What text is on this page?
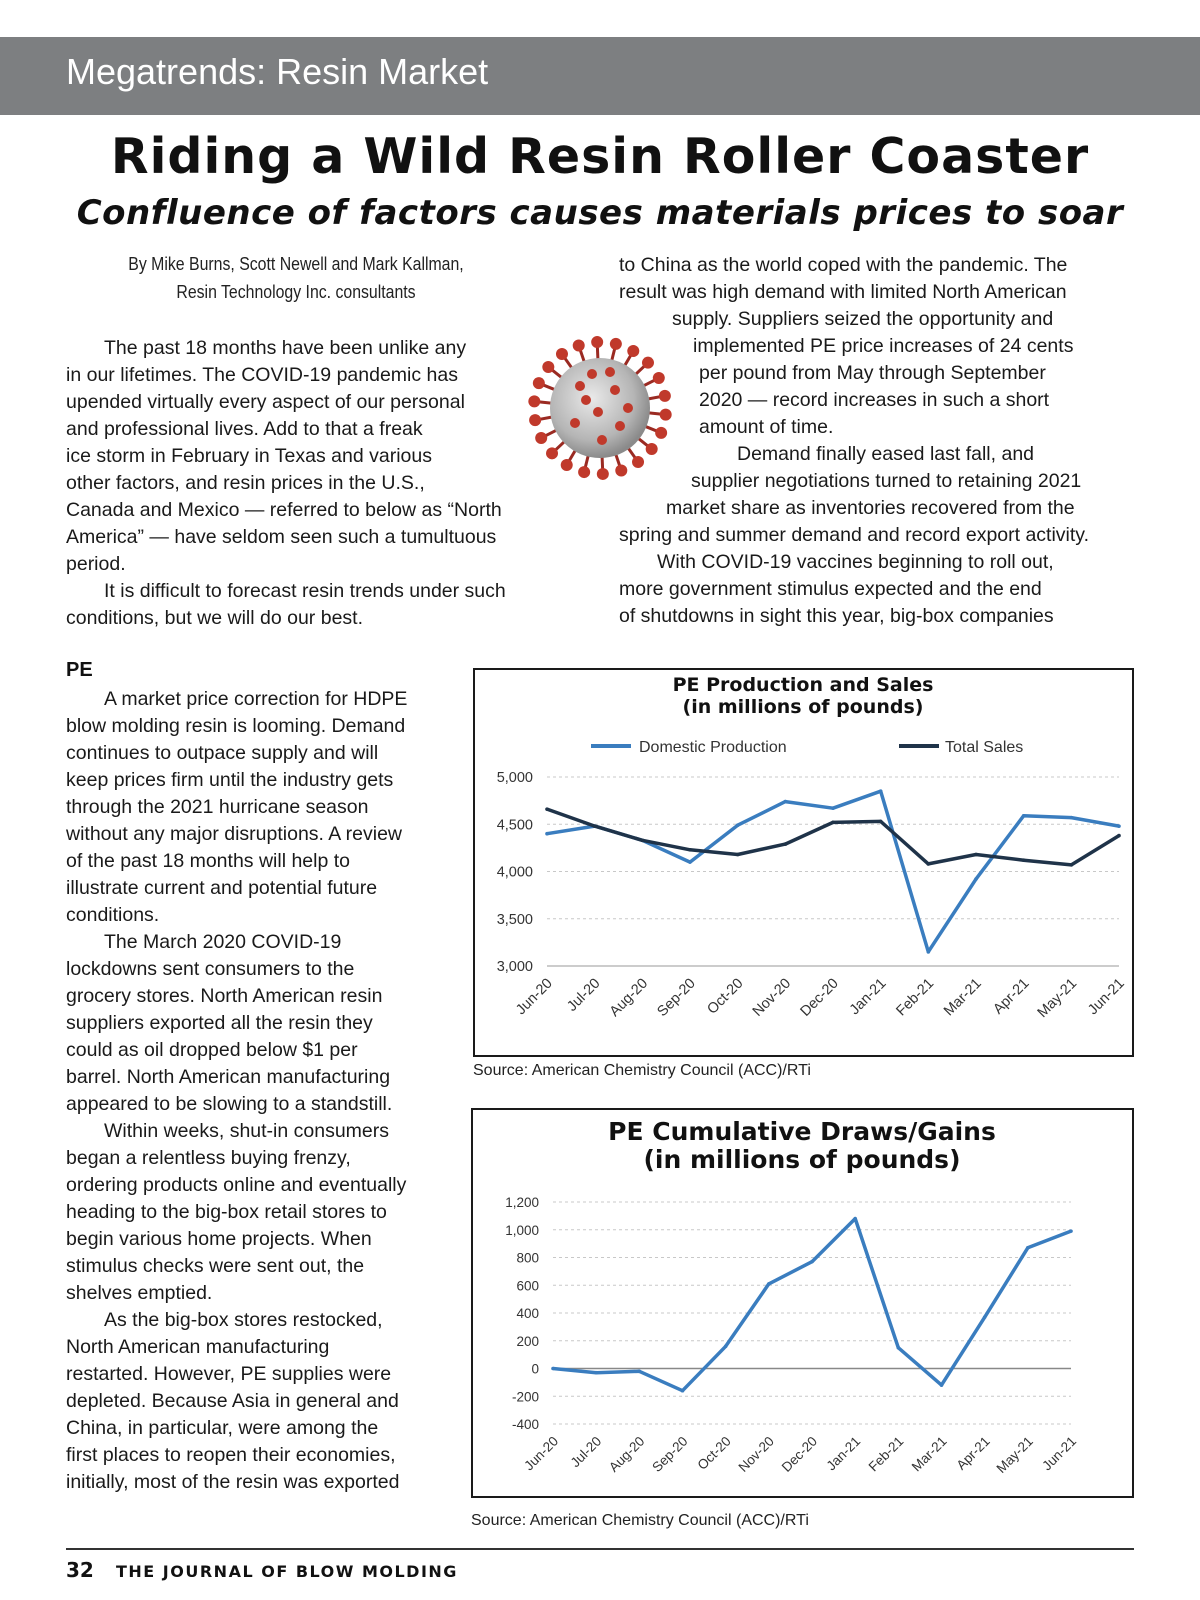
Megatrends: Resin Market
Riding a Wild Resin Roller Coaster
Confluence of factors causes materials prices to soar
By Mike Burns, Scott Newell and Mark Kallman,
Resin Technology Inc. consultants
The past 18 months have been unlike any
in our lifetimes. The COVID-19 pandemic has
upended virtually every aspect of our personal
and professional lives. Add to that a freak
ice storm in February in Texas and various
other factors, and resin prices in the U.S.,
Canada and Mexico — referred to below as “North
America” — have seldom seen such a tumultuous
period.
It is difficult to forecast resin trends under such
conditions, but we will do our best.
to China as the world coped with the pandemic. The
result was high demand with limited North American
supply. Suppliers seized the opportunity and
implemented PE price increases of 24 cents
per pound from May through September
2020 — record increases in such a short
amount of time.
Demand finally eased last fall, and
supplier negotiations turned to retaining 2021
market share as inventories recovered from the
spring and summer demand and record export activity.
With COVID-19 vaccines beginning to roll out,
more government stimulus expected and the end
of shutdowns in sight this year, big-box companies
PE
A market price correction for HDPE
blow molding resin is looming. Demand
continues to outpace supply and will
keep prices firm until the industry gets
through the 2021 hurricane season
without any major disruptions. A review
of the past 18 months will help to
illustrate current and potential future
conditions.
The March 2020 COVID-19
lockdowns sent consumers to the
grocery stores. North American resin
suppliers exported all the resin they
could as oil dropped below $1 per
barrel. North American manufacturing
appeared to be slowing to a standstill.
Within weeks, shut-in consumers
began a relentless buying frenzy,
ordering products online and eventually
heading to the big-box retail stores to
begin various home projects. When
stimulus checks were sent out, the
shelves emptied.
As the big-box stores restocked,
North American manufacturing
restarted. However, PE supplies were
depleted. Because Asia in general and
China, in particular, were among the
first places to reopen their economies,
initially, most of the resin was exported
PE Production and Sales
(in millions of pounds)
5,000
4,500
4,000
3,500
3,000
Jun-20 Jul-20 Aug-20 Sep-20 Oct-20 Nov-20 Dec-20 Jan-21 Feb-21 Mar-21 Apr-21 May-21 Jun-21
Domestic Production	Total Sales
Source: American Chemistry Council (ACC)/RTi
PE Cumulative Draws/Gains
(in millions of pounds)
1,200
1,000
800
600
400
200
0
-200
-400
Jun-20 Jul-20 Aug-20 Sep-20 Oct-20 Nov-20 Dec-20 Jan-21 Feb-21 Mar-21 Apr-21 May-21 Jun-21
Source: American Chemistry Council (ACC)/RTi
32 THE JOURNAL OF BLOW MOLDING
